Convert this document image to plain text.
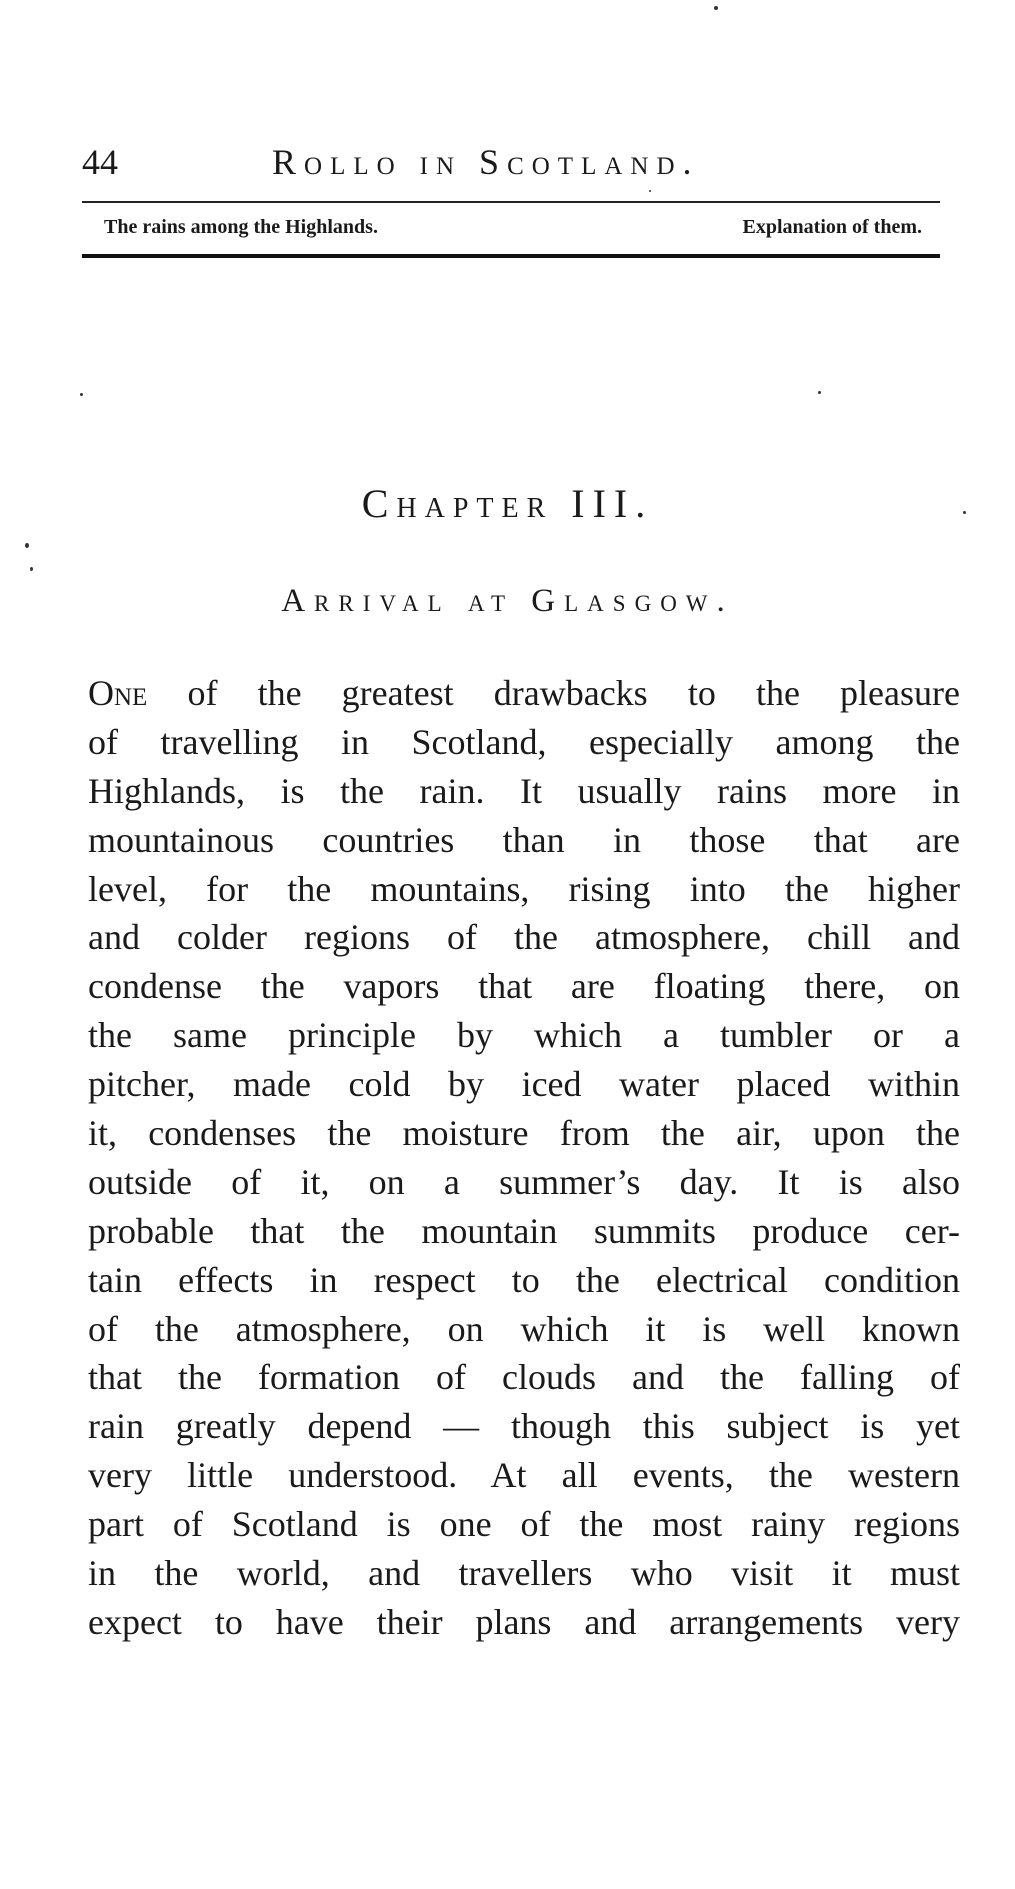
44	Rollo in Scotland.
The rains among the Highlands.	Explanation of them.
Chapter III.
Arrival at Glasgow.
One of the greatest drawbacks to the pleasure
of travelling in Scotland, especially among the
Highlands, is the rain. It usually rains more in
mountainous countries than in those that are
level, for the mountains, rising into the higher
and colder regions of the atmosphere, chill and
condense the vapors that are floating there, on
the same principle by which a tumbler or a
pitcher, made cold by iced water placed within
it, condenses the moisture from the air, upon the
outside of it, on a summer’s day. It is also
probable that the mountain summits produce cer-
tain effects in respect to the electrical condition
of the atmosphere, on which it is well known
that the formation of clouds and the falling of
rain greatly depend — though this subject is yet
very little understood. At all events, the western
part of Scotland is one of the most rainy regions
in the world, and travellers who visit it must
expect to have their plans and arrangements very
